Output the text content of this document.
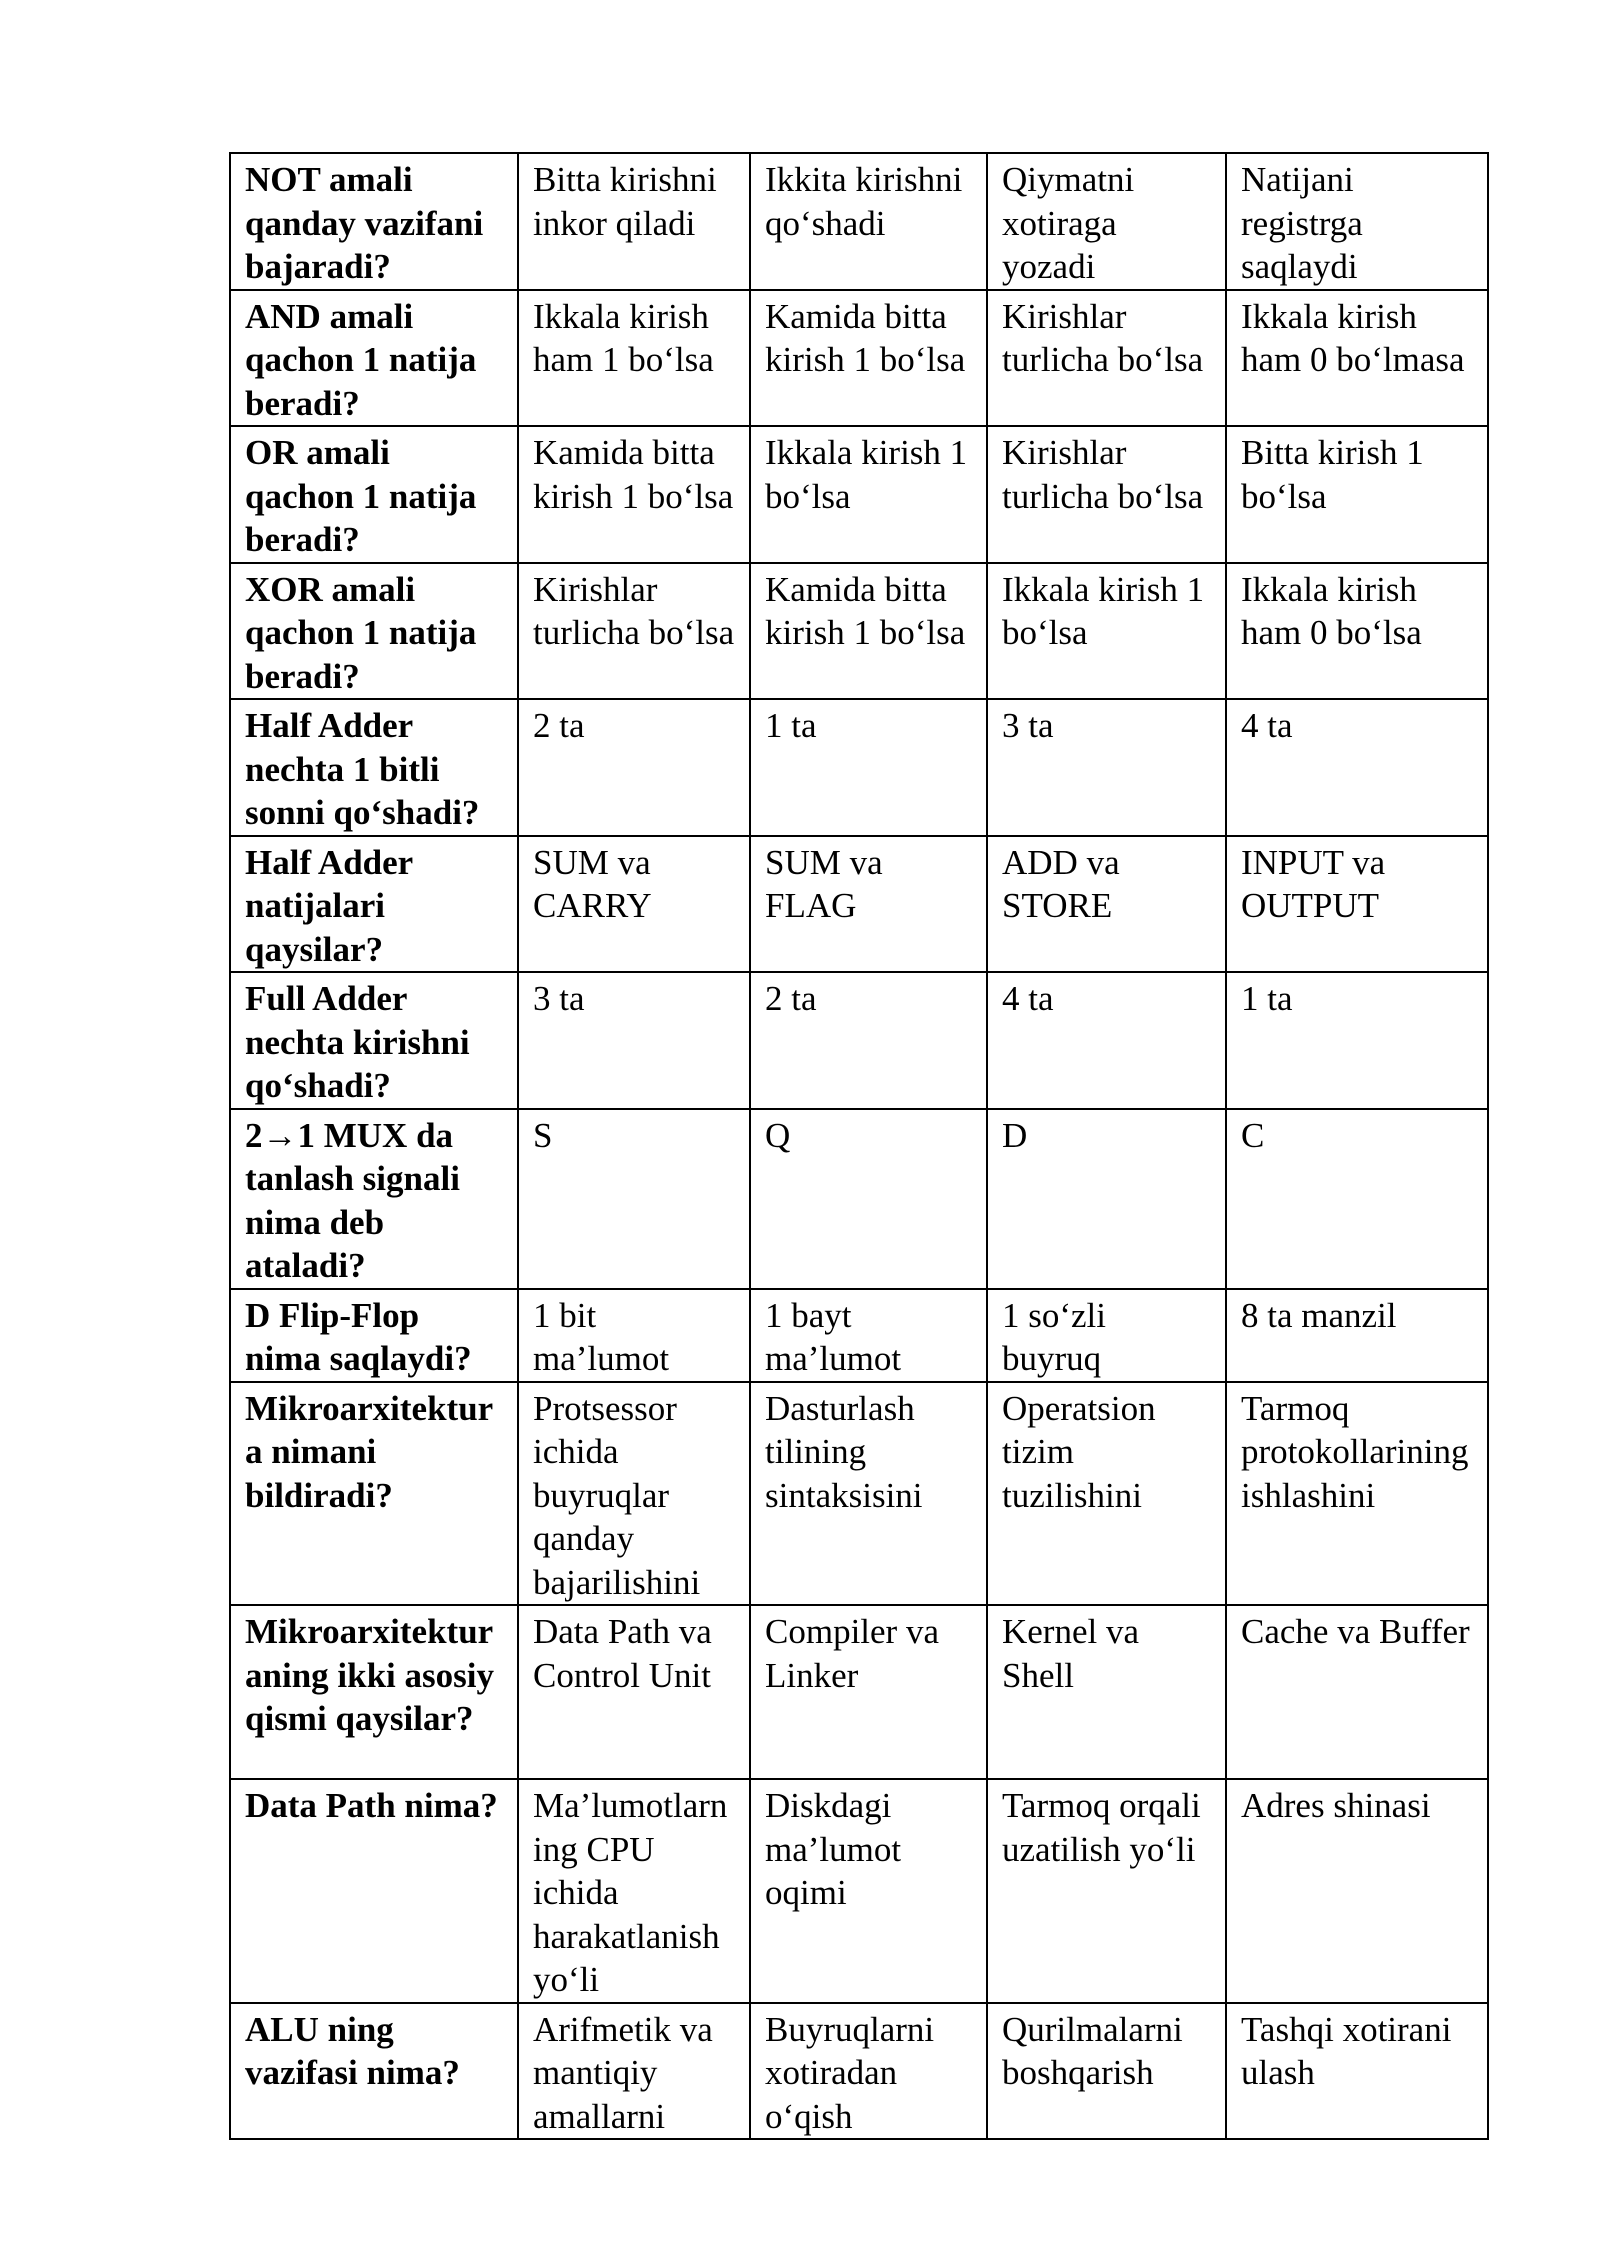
NOT amali qanday vazifani bajaradi?	Bitta kirishni inkor qiladi	Ikkita kirishni qo‘shadi	Qiymatni xotiraga yozadi	Natijani registrga saqlaydi
AND amali qachon 1 natija beradi?	Ikkala kirish ham 1 bo‘lsa	Kamida bitta kirish 1 bo‘lsa	Kirishlar turlicha bo‘lsa	Ikkala kirish ham 0 bo‘lmasa
OR amali qachon 1 natija beradi?	Kamida bitta kirish 1 bo‘lsa	Ikkala kirish 1 bo‘lsa	Kirishlar turlicha bo‘lsa	Bitta kirish 1 bo‘lsa
XOR amali qachon 1 natija beradi?	Kirishlar turlicha bo‘lsa	Kamida bitta kirish 1 bo‘lsa	Ikkala kirish 1 bo‘lsa	Ikkala kirish ham 0 bo‘lsa
Half Adder nechta 1 bitli sonni qo‘shadi?	2 ta	1 ta	3 ta	4 ta
Half Adder natijalari qaysilar?	SUM va CARRY	SUM va FLAG	ADD va STORE	INPUT va OUTPUT
Full Adder nechta kirishni qo‘shadi?	3 ta	2 ta	4 ta	1 ta
2→1 MUX da tanlash signali nima deb ataladi?	S	Q	D	C
D Flip-Flop nima saqlaydi?	1 bit ma’lumot	1 bayt ma’lumot	1 so‘zli buyruq	8 ta manzil
Mikroarxitektura nimani bildiradi?	Protsessor ichida buyruqlar qanday bajarilishini	Dasturlash tilining sintaksisini	Operatsion tizim tuzilishini	Tarmoq protokollarining ishlashini
Mikroarxitekturaning ikki asosiy qismi qaysilar?	Data Path va Control Unit	Compiler va Linker	Kernel va Shell	Cache va Buffer
Data Path nima?	Ma’lumotlarning CPU ichida harakatlanish yo‘li	Diskdagi ma’lumot oqimi	Tarmoq orqali uzatilish yo‘li	Adres shinasi
ALU ning vazifasi nima?	Arifmetik va mantiqiy amallarni	Buyruqlarni xotiradan o‘qish	Qurilmalarni boshqarish	Tashqi xotirani ulash
